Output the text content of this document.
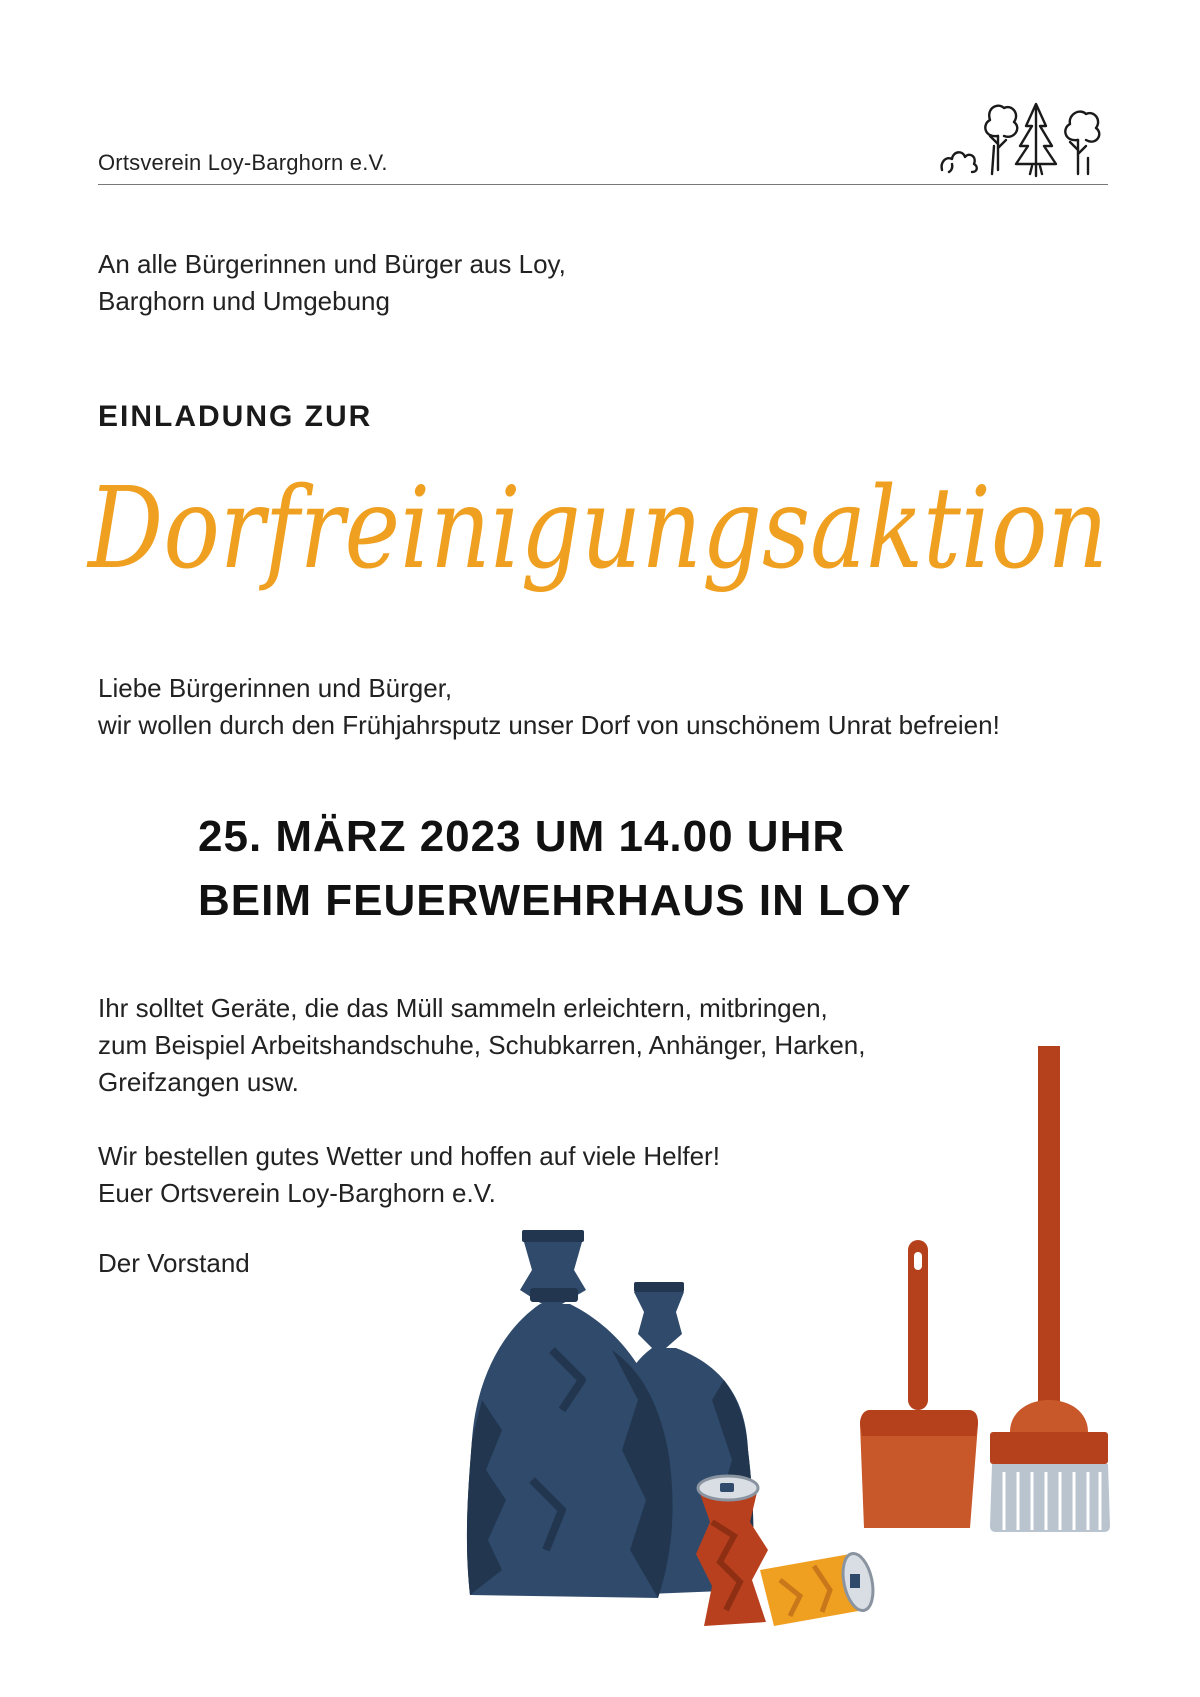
Ortsverein Loy-Barghorn e.V.
An alle Bürgerinnen und Bürger aus Loy,
Barghorn und Umgebung
EINLADUNG ZUR
Dorfreinigungsaktion
Liebe Bürgerinnen und Bürger,
wir wollen durch den Frühjahrsputz unser Dorf von unschönem Unrat befreien!
25. MÄRZ 2023 UM 14.00 UHR
BEIM FEUERWEHRHAUS IN LOY
Ihr solltet Geräte, die das Müll sammeln erleichtern, mitbringen,
zum Beispiel Arbeitshandschuhe, Schubkarren, Anhänger, Harken,
Greifzangen usw.
Wir bestellen gutes Wetter und hoffen auf viele Helfer!
Euer Ortsverein Loy-Barghorn e.V.
Der Vorstand
